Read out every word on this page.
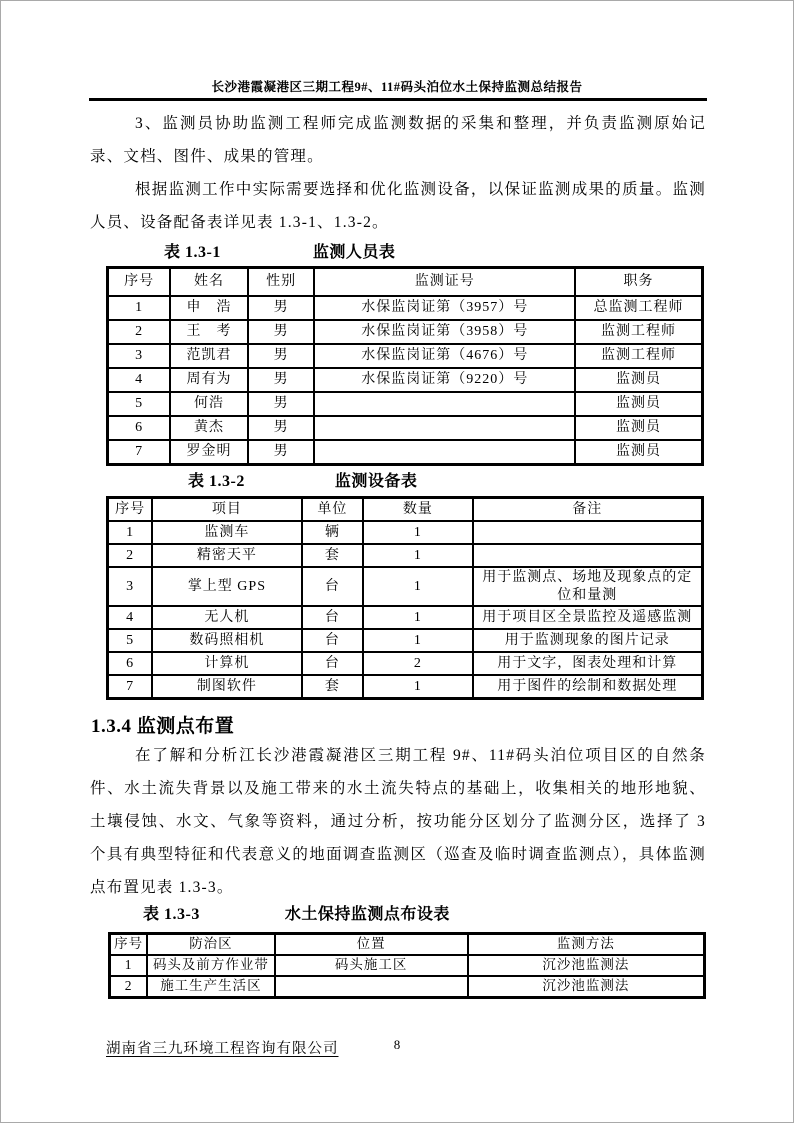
长沙港霞凝港区三期工程9#、11#码头泊位水土保持监测总结报告

3、监测员协助监测工程师完成监测数据的采集和整理，并负责监测原始记录、文档、图件、成果的管理。

根据监测工作中实际需要选择和优化监测设备，以保证监测成果的质量。监测人员、设备配备表详见表 1.3-1、1.3-2。

表 1.3-1	监测人员表
序号	姓名	性别	监测证号	职务
1	申　浩	男	水保监岗证第（3957）号	总监测工程师
2	王　考	男	水保监岗证第（3958）号	监测工程师
3	范凯君	男	水保监岗证第（4676）号	监测工程师
4	周有为	男	水保监岗证第（9220）号	监测员
5	何浩	男		监测员
6	黄杰	男		监测员
7	罗金明	男		监测员
表 1.3-2	监测设备表
序号	项目	单位	数量	备注
1	监测车	辆	1	
2	精密天平	套	1	
3	掌上型 GPS	台	1	用于监测点、场地及现象点的定位和量测
4	无人机	台	1	用于项目区全景监控及遥感监测
5	数码照相机	台	1	用于监测现象的图片记录
6	计算机	台	2	用于文字，图表处理和计算
7	制图软件	套	1	用于图件的绘制和数据处理
1.3.4 监测点布置

在了解和分析江长沙港霞凝港区三期工程 9#、11#码头泊位项目区的自然条件、水土流失背景以及施工带来的水土流失特点的基础上，收集相关的地形地貌、土壤侵蚀、水文、气象等资料，通过分析，按功能分区划分了监测分区，选择了 3 个具有典型特征和代表意义的地面调查监测区（巡查及临时调查监测点），具体监测点布置见表 1.3-3。

表 1.3-3	水土保持监测点布设表
序号	防治区	位置	监测方法
1	码头及前方作业带	码头施工区	沉沙池监测法
2	施工生产生活区		沉沙池监测法
湖南省三九环境工程咨询有限公司	8
